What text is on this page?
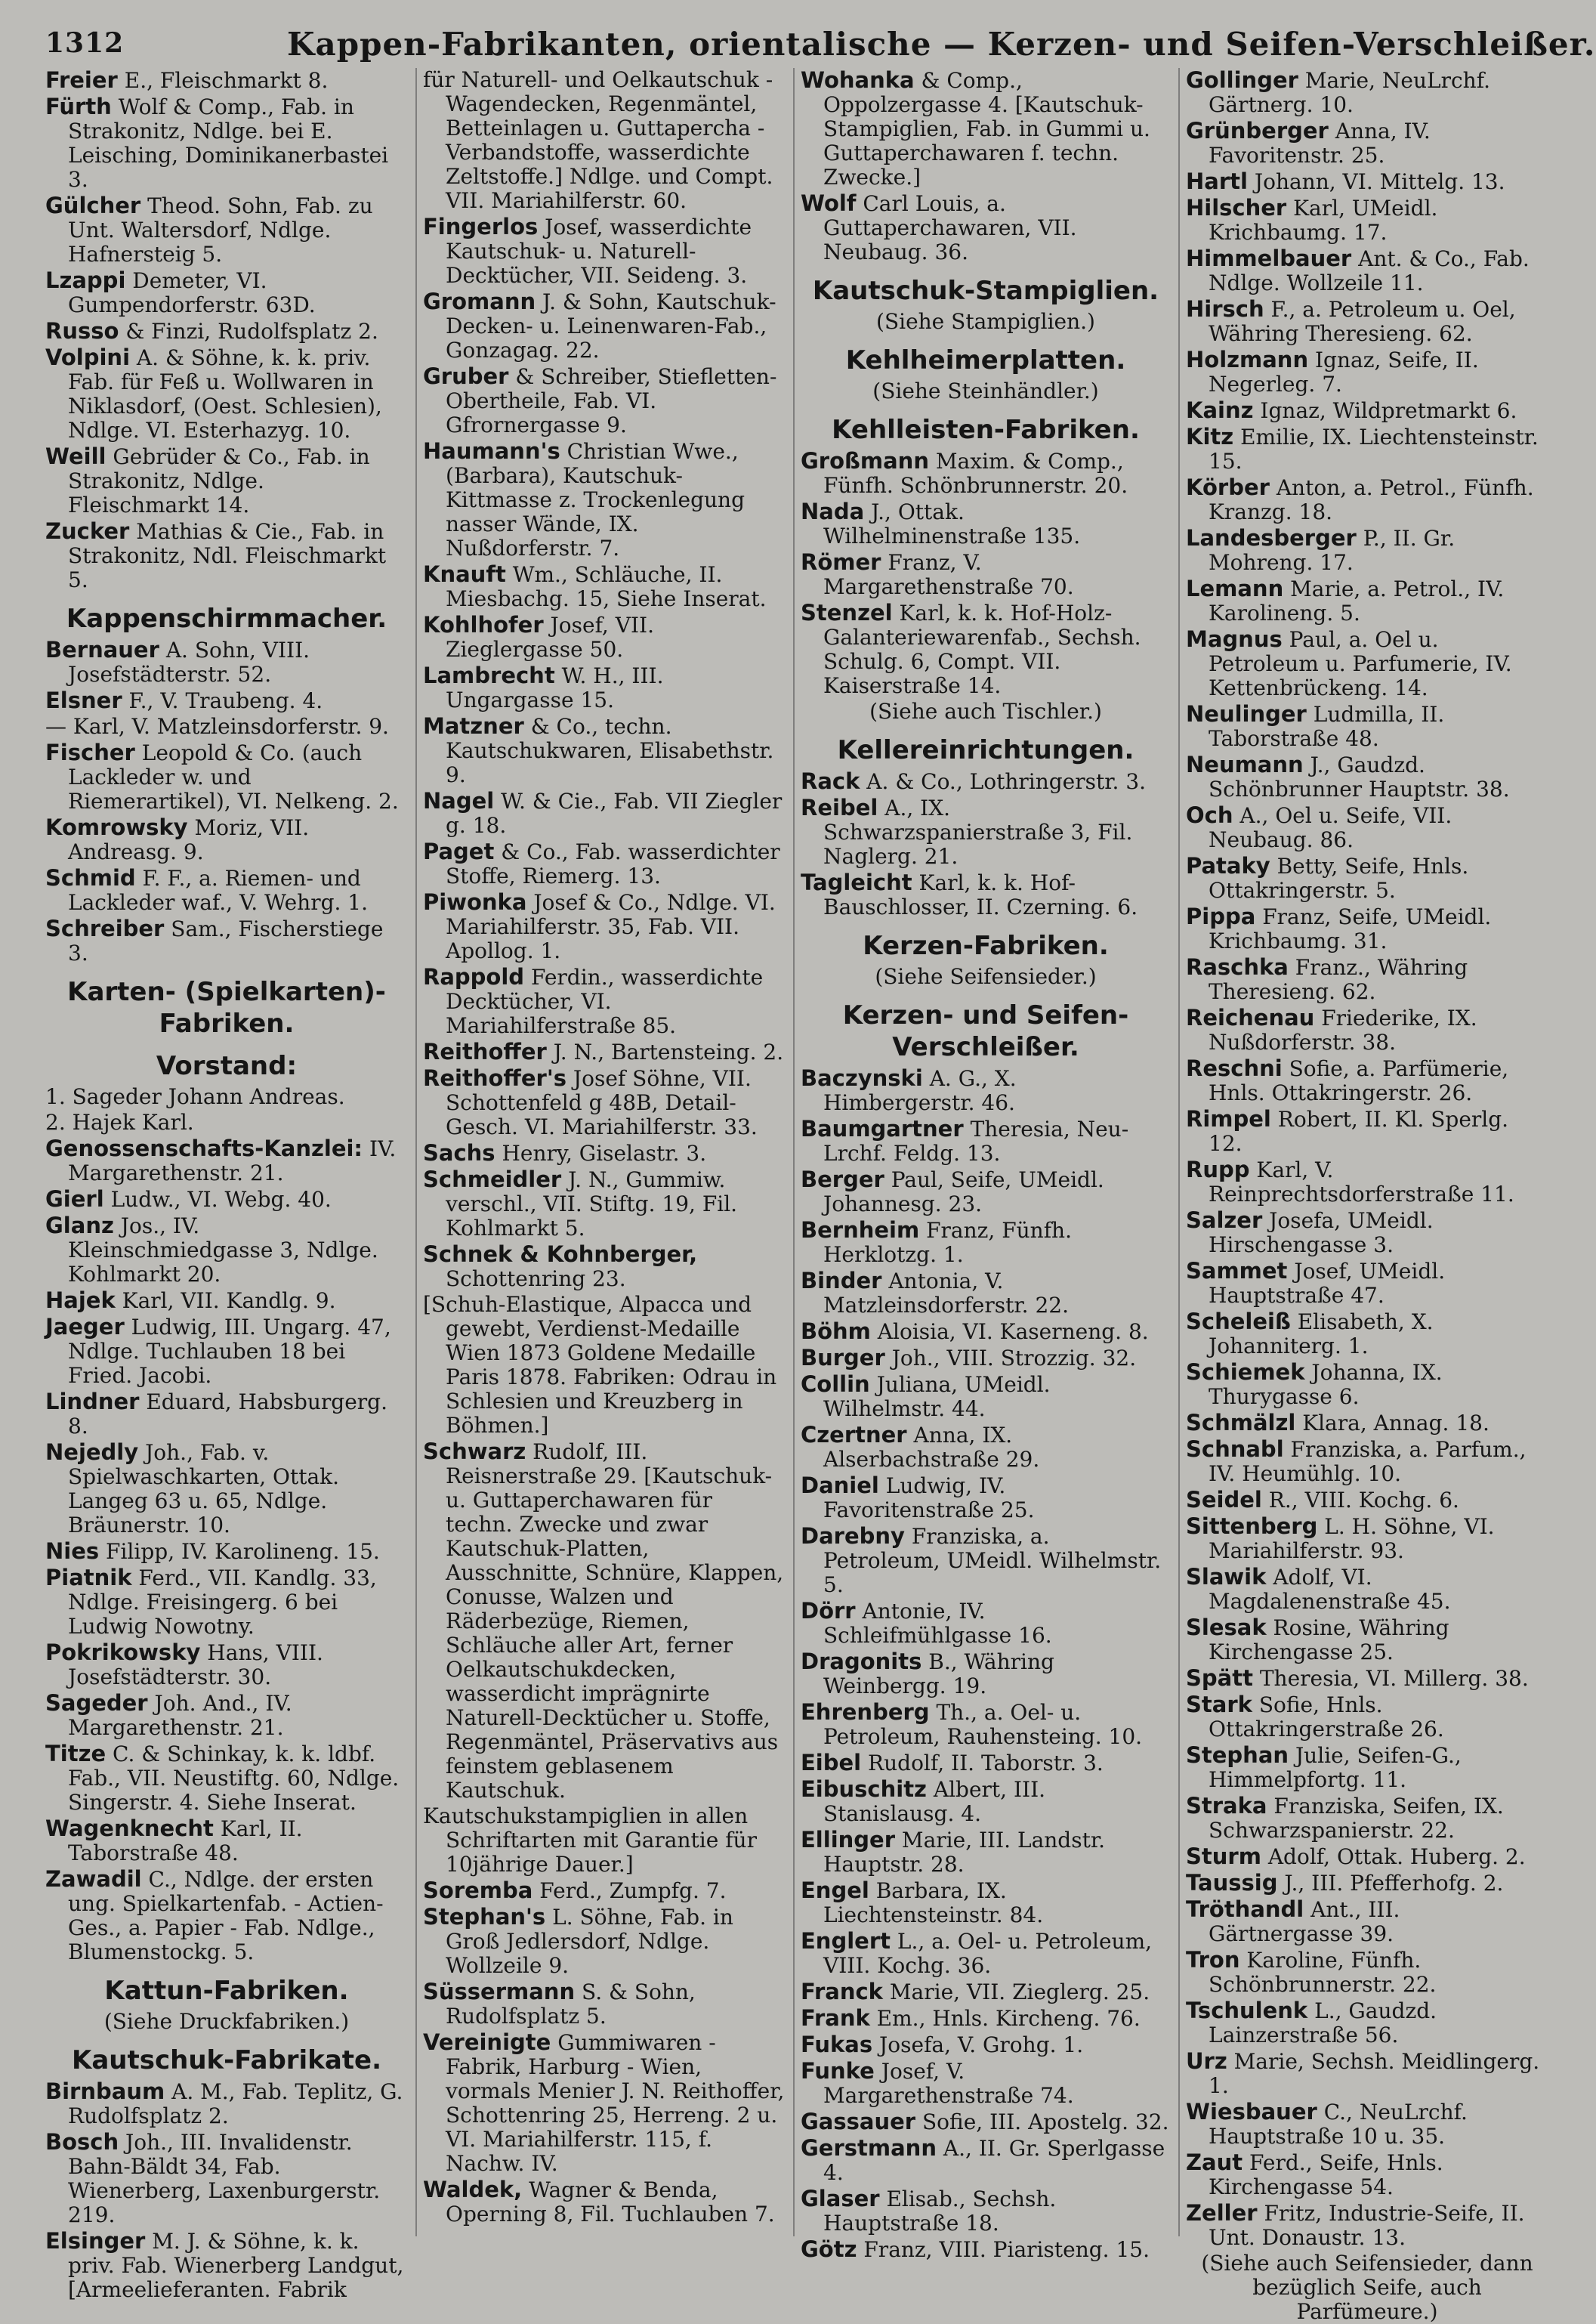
1312	Kappen-Fabrikanten, orientalische — Kerzen- und Seifen-Verschleißer.
Freier E., Fleischmarkt 8.
Fürth Wolf & Comp., Fab. in Strakonitz, Ndlge. bei E. Leisching, Dominikanerbastei 3.
Gülcher Theod. Sohn, Fab. zu Unt. Waltersdorf, Ndlge. Hafnersteig 5.
Lzappi Demeter, VI. Gumpendorferstr. 63D.
Russo & Finzi, Rudolfsplatz 2.
Volpini A. & Söhne, k. k. priv. Fab. für Feß u. Wollwaren in Niklasdorf, (Oest. Schlesien), Ndlge. VI. Esterhazyg. 10.
Weill Gebrüder & Co., Fab. in Strakonitz, Ndlge. Fleischmarkt 14.
Zucker Mathias & Cie., Fab. in Strakonitz, Ndl. Fleischmarkt 5.
Kappenschirmmacher.
Bernauer A. Sohn, VIII. Josefstädterstr. 52.
Elsner F., V. Traubeng. 4.
— Karl, V. Matzleinsdorferstr. 9.
Fischer Leopold & Co. (auch Lackleder w. und Riemerartikel), VI. Nelkeng. 2.
Komrowsky Moriz, VII. Andreasg. 9.
Schmid F. F., a. Riemen- und Lackleder waf., V. Wehrg. 1.
Schreiber Sam., Fischerstiege 3.
Karten- (Spielkarten)- Fabriken.
Vorstand:
1. Sageder Johann Andreas.
2. Hajek Karl.
Genossenschafts-Kanzlei: IV. Margarethenstr. 21.
Gierl Ludw., VI. Webg. 40.
Glanz Jos., IV. Kleinschmiedgasse 3, Ndlge. Kohlmarkt 20.
Hajek Karl, VII. Kandlg. 9.
Jaeger Ludwig, III. Ungarg. 47, Ndlge. Tuchlauben 18 bei Fried. Jacobi.
Lindner Eduard, Habsburgerg. 8.
Nejedly Joh., Fab. v. Spielwaschkarten, Ottak. Langeg 63 u. 65, Ndlge. Bräunerstr. 10.
Nies Filipp, IV. Karolineng. 15.
Piatnik Ferd., VII. Kandlg. 33, Ndlge. Freisingerg. 6 bei Ludwig Nowotny.
Pokrikowsky Hans, VIII. Josefstädterstr. 30.
Sageder Joh. And., IV. Margarethenstr. 21.
Titze C. & Schinkay, k. k. ldbf. Fab., VII. Neustiftg. 60, Ndlge. Singerstr. 4. Siehe Inserat.
Wagenknecht Karl, II. Taborstraße 48.
Zawadil C., Ndlge. der ersten ung. Spielkartenfab. - Actien-Ges., a. Papier - Fab. Ndlge., Blumenstockg. 5.
Kattun-Fabriken.
(Siehe Druckfabriken.)
Kautschuk-Fabrikate.
Birnbaum A. M., Fab. Teplitz, G. Rudolfsplatz 2.
Bosch Joh., III. Invalidenstr. Bahn-Bäldt 34, Fab. Wienerberg, Laxenburgerstr. 219.
Elsinger M. J. & Söhne, k. k. priv. Fab. Wienerberg Landgut, [Armeelieferanten. Fabrik
für Naturell- und Oelkautschuk - Wagendecken, Regenmäntel, Betteinlagen u. Guttapercha - Verbandstoffe, wasserdichte Zeltstoffe.] Ndlge. und Compt. VII. Mariahilferstr. 60.
Fingerlos Josef, wasserdichte Kautschuk- u. Naturell-Decktücher, VII. Seideng. 3.
Gromann J. & Sohn, Kautschuk-Decken- u. Leinenwaren-Fab., Gonzagag. 22.
Gruber & Schreiber, Stiefletten-Obertheile, Fab. VI. Gfrornergasse 9.
Haumann's Christian Wwe., (Barbara), Kautschuk-Kittmasse z. Trockenlegung nasser Wände, IX. Nußdorferstr. 7.
Knauft Wm., Schläuche, II. Miesbachg. 15, Siehe Inserat.
Kohlhofer Josef, VII. Zieglergasse 50.
Lambrecht W. H., III. Ungargasse 15.
Matzner & Co., techn. Kautschukwaren, Elisabethstr. 9.
Nagel W. & Cie., Fab. VII Ziegler g. 18.
Paget & Co., Fab. wasserdichter Stoffe, Riemerg. 13.
Piwonka Josef & Co., Ndlge. VI. Mariahilferstr. 35, Fab. VII. Apollog. 1.
Rappold Ferdin., wasserdichte Decktücher, VI. Mariahilferstraße 85.
Reithoffer J. N., Bartensteing. 2.
Reithoffer's Josef Söhne, VII. Schottenfeld g 48B, Detail-Gesch. VI. Mariahilferstr. 33.
Sachs Henry, Giselastr. 3.
Schmeidler J. N., Gummiw. verschl., VII. Stiftg. 19, Fil. Kohlmarkt 5.
Schnek & Kohnberger, Schottenring 23.
[Schuh-Elastique, Alpacca und gewebt, Verdienst-Medaille Wien 1873 Goldene Medaille Paris 1878. Fabriken: Odrau in Schlesien und Kreuzberg in Böhmen.]
Schwarz Rudolf, III. Reisnerstraße 29. [Kautschuk- u. Guttaperchawaren für techn. Zwecke und zwar Kautschuk-Platten, Ausschnitte, Schnüre, Klappen, Conusse, Walzen und Räderbezüge, Riemen, Schläuche aller Art, ferner Oelkautschukdecken, wasserdicht imprägnirte Naturell-Decktücher u. Stoffe, Regenmäntel, Präservativs aus feinstem geblasenem Kautschuk.
Kautschukstampiglien in allen Schriftarten mit Garantie für 10jährige Dauer.]
Soremba Ferd., Zumpfg. 7.
Stephan's L. Söhne, Fab. in Groß Jedlersdorf, Ndlge. Wollzeile 9.
Süssermann S. & Sohn, Rudolfsplatz 5.
Vereinigte Gummiwaren - Fabrik, Harburg - Wien, vormals Menier J. N. Reithoffer, Schottenring 25, Herreng. 2 u. VI. Mariahilferstr. 115, f. Nachw. IV.
Waldek, Wagner & Benda, Operning 8, Fil. Tuchlauben 7.
Wohanka & Comp., Oppolzergasse 4. [Kautschuk-Stampiglien, Fab. in Gummi u. Guttaperchawaren f. techn. Zwecke.]
Wolf Carl Louis, a. Guttaperchawaren, VII. Neubaug. 36.
Kautschuk-Stampiglien.
(Siehe Stampiglien.)
Kehlheimerplatten.
(Siehe Steinhändler.)
Kehlleisten-Fabriken.
Großmann Maxim. & Comp., Fünfh. Schönbrunnerstr. 20.
Nada J., Ottak. Wilhelminenstraße 135.
Römer Franz, V. Margarethenstraße 70.
Stenzel Karl, k. k. Hof-Holz-Galanteriewarenfab., Sechsh. Schulg. 6, Compt. VII. Kaiserstraße 14.
(Siehe auch Tischler.)
Kellereinrichtungen.
Rack A. & Co., Lothringerstr. 3.
Reibel A., IX. Schwarzspanierstraße 3, Fil. Naglerg. 21.
Tagleicht Karl, k. k. Hof-Bauschlosser, II. Czerning. 6.
Kerzen-Fabriken.
(Siehe Seifensieder.)
Kerzen- und Seifen- Verschleißer.
Baczynski A. G., X. Himbergerstr. 46.
Baumgartner Theresia, Neu-Lrchf. Feldg. 13.
Berger Paul, Seife, UMeidl. Johannesg. 23.
Bernheim Franz, Fünfh. Herklotzg. 1.
Binder Antonia, V. Matzleinsdorferstr. 22.
Böhm Aloisia, VI. Kaserneng. 8.
Burger Joh., VIII. Strozzig. 32.
Collin Juliana, UMeidl. Wilhelmstr. 44.
Czertner Anna, IX. Alserbachstraße 29.
Daniel Ludwig, IV. Favoritenstraße 25.
Darebny Franziska, a. Petroleum, UMeidl. Wilhelmstr. 5.
Dörr Antonie, IV. Schleifmühlgasse 16.
Dragonits B., Währing Weinbergg. 19.
Ehrenberg Th., a. Oel- u. Petroleum, Rauhensteing. 10.
Eibel Rudolf, II. Taborstr. 3.
Eibuschitz Albert, III. Stanislausg. 4.
Ellinger Marie, III. Landstr. Hauptstr. 28.
Engel Barbara, IX. Liechtensteinstr. 84.
Englert L., a. Oel- u. Petroleum, VIII. Kochg. 36.
Franck Marie, VII. Zieglerg. 25.
Frank Em., Hnls. Kircheng. 76.
Fukas Josefa, V. Grohg. 1.
Funke Josef, V. Margarethenstraße 74.
Gassauer Sofie, III. Apostelg. 32.
Gerstmann A., II. Gr. Sperlgasse 4.
Glaser Elisab., Sechsh. Hauptstraße 18.
Götz Franz, VIII. Piaristeng. 15.
Gollinger Marie, NeuLrchf. Gärtnerg. 10.
Grünberger Anna, IV. Favoritenstr. 25.
Hartl Johann, VI. Mittelg. 13.
Hilscher Karl, UMeidl. Krichbaumg. 17.
Himmelbauer Ant. & Co., Fab. Ndlge. Wollzeile 11.
Hirsch F., a. Petroleum u. Oel, Währing Theresieng. 62.
Holzmann Ignaz, Seife, II. Negerleg. 7.
Kainz Ignaz, Wildpretmarkt 6.
Kitz Emilie, IX. Liechtensteinstr. 15.
Körber Anton, a. Petrol., Fünfh. Kranzg. 18.
Landesberger P., II. Gr. Mohreng. 17.
Lemann Marie, a. Petrol., IV. Karolineng. 5.
Magnus Paul, a. Oel u. Petroleum u. Parfumerie, IV. Kettenbrückeng. 14.
Neulinger Ludmilla, II. Taborstraße 48.
Neumann J., Gaudzd. Schönbrunner Hauptstr. 38.
Och A., Oel u. Seife, VII. Neubaug. 86.
Pataky Betty, Seife, Hnls. Ottakringerstr. 5.
Pippa Franz, Seife, UMeidl. Krichbaumg. 31.
Raschka Franz., Währing Theresieng. 62.
Reichenau Friederike, IX. Nußdorferstr. 38.
Reschni Sofie, a. Parfümerie, Hnls. Ottakringerstr. 26.
Rimpel Robert, II. Kl. Sperlg. 12.
Rupp Karl, V. Reinprechtsdorferstraße 11.
Salzer Josefa, UMeidl. Hirschengasse 3.
Sammet Josef, UMeidl. Hauptstraße 47.
Scheleiß Elisabeth, X. Johanniterg. 1.
Schiemek Johanna, IX. Thurygasse 6.
Schmälzl Klara, Annag. 18.
Schnabl Franziska, a. Parfum., IV. Heumühlg. 10.
Seidel R., VIII. Kochg. 6.
Sittenberg L. H. Söhne, VI. Mariahilferstr. 93.
Slawik Adolf, VI. Magdalenenstraße 45.
Slesak Rosine, Währing Kirchengasse 25.
Spätt Theresia, VI. Millerg. 38.
Stark Sofie, Hnls. Ottakringerstraße 26.
Stephan Julie, Seifen-G., Himmelpfortg. 11.
Straka Franziska, Seifen, IX. Schwarzspanierstr. 22.
Sturm Adolf, Ottak. Huberg. 2.
Taussig J., III. Pfefferhofg. 2.
Tröthandl Ant., III. Gärtnergasse 39.
Tron Karoline, Fünfh. Schönbrunnerstr. 22.
Tschulenk L., Gaudzd. Lainzerstraße 56.
Urz Marie, Sechsh. Meidlingerg. 1.
Wiesbauer C., NeuLrchf. Hauptstraße 10 u. 35.
Zaut Ferd., Seife, Hnls. Kirchengasse 54.
Zeller Fritz, Industrie-Seife, II. Unt. Donaustr. 13.
(Siehe auch Seifensieder, dann bezüglich Seife, auch Parfümeure.)
